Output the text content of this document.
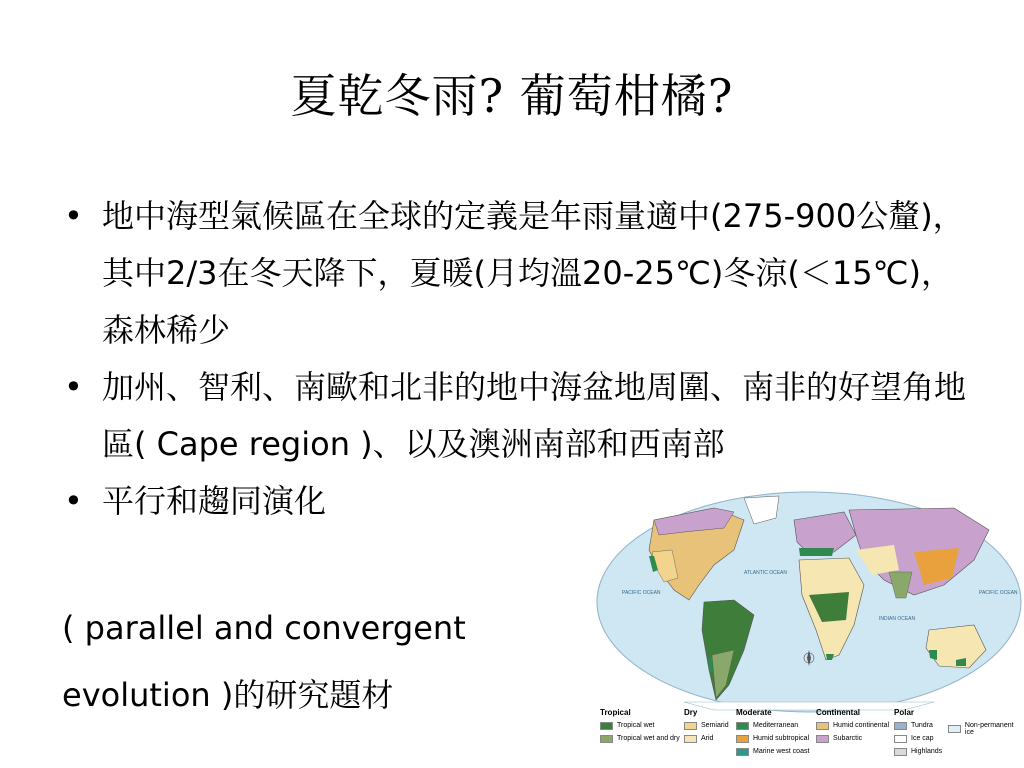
夏乾冬雨? 葡萄柑橘?
• 地中海型氣候區在全球的定義是年雨量適中(275-900公釐)，其中2/3在冬天降下，夏暖(月均溫20-25℃)冬涼(＜15℃)，森林稀少
• 加州、智利、南歐和北非的地中海盆地周圍、南非的好望角地區( Cape region )、以及澳洲南部和西南部
• 平行和趨同演化
( parallel and convergent
evolution )的研究題材
PACIFIC OCEAN
ATLANTIC OCEAN
INDIAN OCEAN
PACIFIC OCEAN
Tropical
Tropical wet
Tropical wet and dry
Dry
Semiarid
Arid
Moderate
Mediterranean
Humid subtropical
Marine west coast
Continental
Humid continental
Subarctic
Polar
Tundra
Ice cap
Highlands
Non-permanent ice
